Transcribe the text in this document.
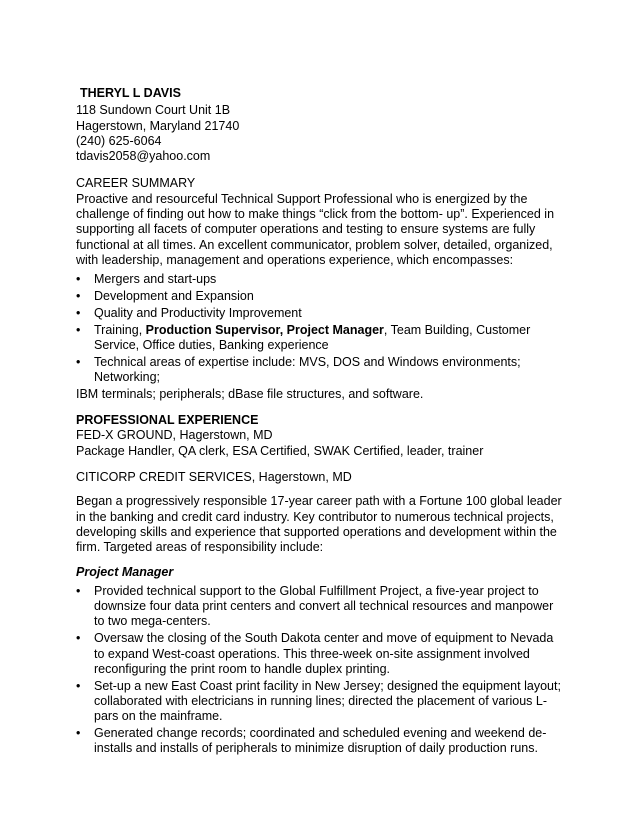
THERYL L DAVIS

118 Sundown Court Unit 1B

Hagerstown, Maryland 21740

(240) 625-6064

tdavis2058@yahoo.com

CAREER SUMMARY

Proactive and resourceful Technical Support Professional who is energized by the challenge of finding out how to make things “click from the bottom- up”. Experienced in supporting all facets of computer operations and testing to ensure systems are fully functional at all times. An excellent communicator, problem solver, detailed, organized, with leadership, management and operations experience, which encompasses:

• Mergers and start-ups
• Development and Expansion
• Quality and Productivity Improvement
• Training, Production Supervisor, Project Manager, Team Building, Customer Service, Office duties, Banking experience
• Technical areas of expertise include: MVS, DOS and Windows environments; Networking;

IBM terminals; peripherals; dBase file structures, and software.

PROFESSIONAL EXPERIENCE

FED-X GROUND, Hagerstown, MD

Package Handler, QA clerk, ESA Certified, SWAK Certified, leader, trainer

CITICORP CREDIT SERVICES, Hagerstown, MD

Began a progressively responsible 17-year career path with a Fortune 100 global leader in the banking and credit card industry. Key contributor to numerous technical projects, developing skills and experience that supported operations and development within the firm. Targeted areas of responsibility include:

Project Manager

• Provided technical support to the Global Fulfillment Project, a five-year project to downsize four data print centers and convert all technical resources and manpower to two mega-centers.
• Oversaw the closing of the South Dakota center and move of equipment to Nevada to expand West-coast operations. This three-week on-site assignment involved reconfiguring the print room to handle duplex printing.
• Set-up a new East Coast print facility in New Jersey; designed the equipment layout; collaborated with electricians in running lines; directed the placement of various L-pars on the mainframe.
• Generated change records; coordinated and scheduled evening and weekend de-installs and installs of peripherals to minimize disruption of daily production runs.
